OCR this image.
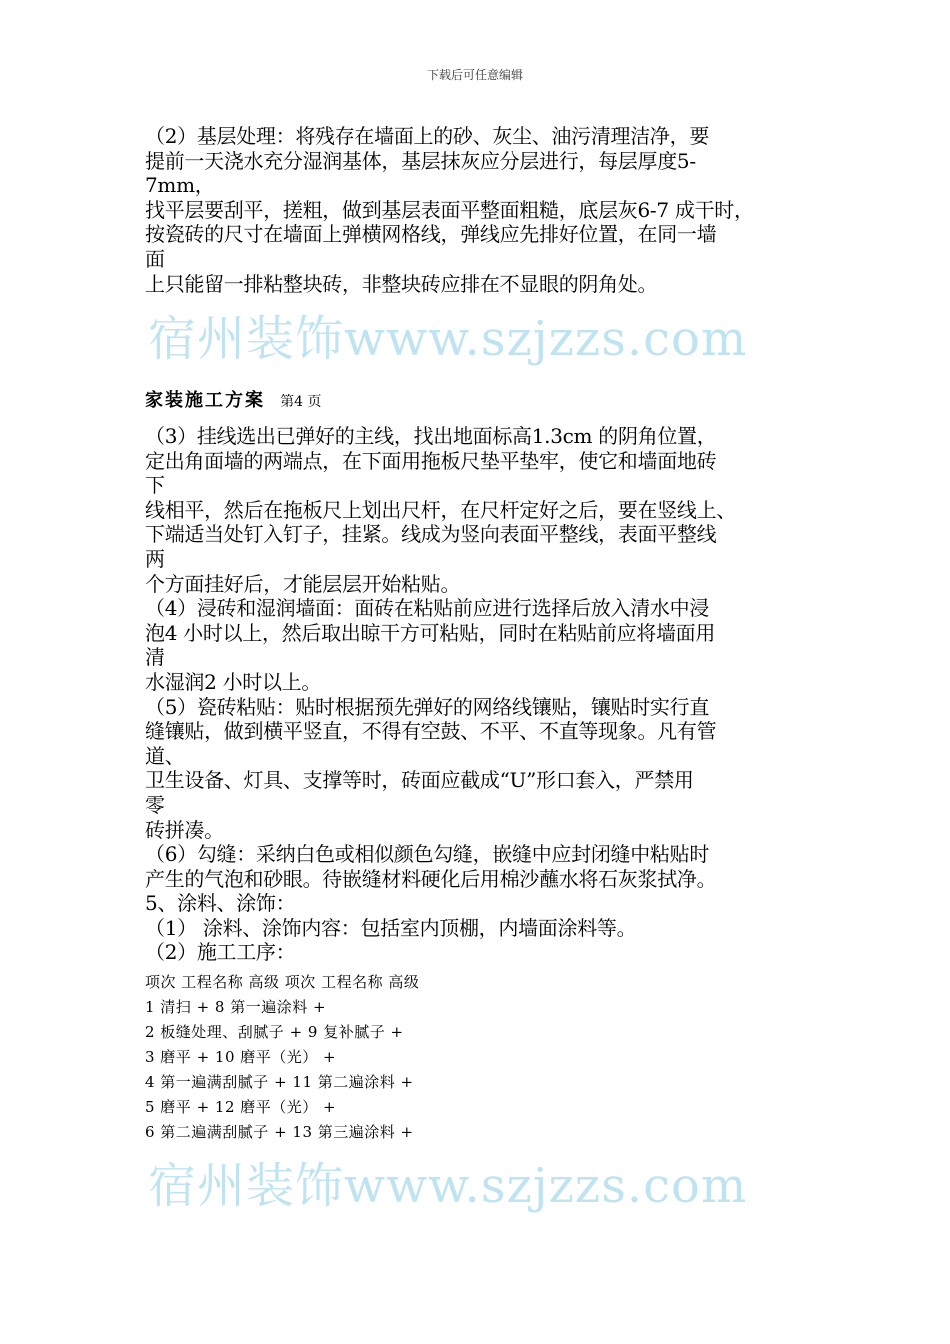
下载后可任意编辑
（2）基层处理：将残存在墙面上的砂、灰尘、油污清理洁净，要
提前一天浇水充分湿润基体，基层抹灰应分层进行，每层厚度5-
7mm，
找平层要刮平，搓粗，做到基层表面平整面粗糙，底层灰6-7 成干时，
按瓷砖的尺寸在墙面上弹横网格线，弹线应先排好位置，在同一墙
面
上只能留一排粘整块砖，非整块砖应排在不显眼的阴角处。
宿州装饰www.szjzzs.com
家装施工方案 第4 页
（3）挂线选出已弹好的主线，找出地面标高1.3cm 的阴角位置，
定出角面墙的两端点，在下面用拖板尺垫平垫牢，使它和墙面地砖
下
线相平，然后在拖板尺上划出尺杆，在尺杆定好之后，要在竖线上、
下端适当处钉入钉子，挂紧。线成为竖向表面平整线，表面平整线
两
个方面挂好后，才能层层开始粘贴。
（4）浸砖和湿润墙面：面砖在粘贴前应进行选择后放入清水中浸
泡4 小时以上，然后取出晾干方可粘贴，同时在粘贴前应将墙面用
清
水湿润2 小时以上。
（5）瓷砖粘贴：贴时根据预先弹好的网络线镶贴，镶贴时实行直
缝镶贴，做到横平竖直，不得有空鼓、不平、不直等现象。凡有管
道、
卫生设备、灯具、支撑等时，砖面应截成“U”形口套入，严禁用
零
砖拼凑。
（6）勾缝：采纳白色或相似颜色勾缝，嵌缝中应封闭缝中粘贴时
产生的气泡和砂眼。待嵌缝材料硬化后用棉沙蘸水将石灰浆拭净。
5、涂料、涂饰：
（1） 涂料、涂饰内容：包括室内顶棚，内墙面涂料等。
（2）施工工序：
项次 工程名称 高级 项次 工程名称 高级
1 清扫 + 8 第一遍涂料 +
2 板缝处理、刮腻子 + 9 复补腻子 +
3 磨平 + 10 磨平（光） +
4 第一遍满刮腻子 + 11 第二遍涂料 +
5 磨平 + 12 磨平（光） +
6 第二遍满刮腻子 + 13 第三遍涂料 +
宿州装饰www.szjzzs.com
